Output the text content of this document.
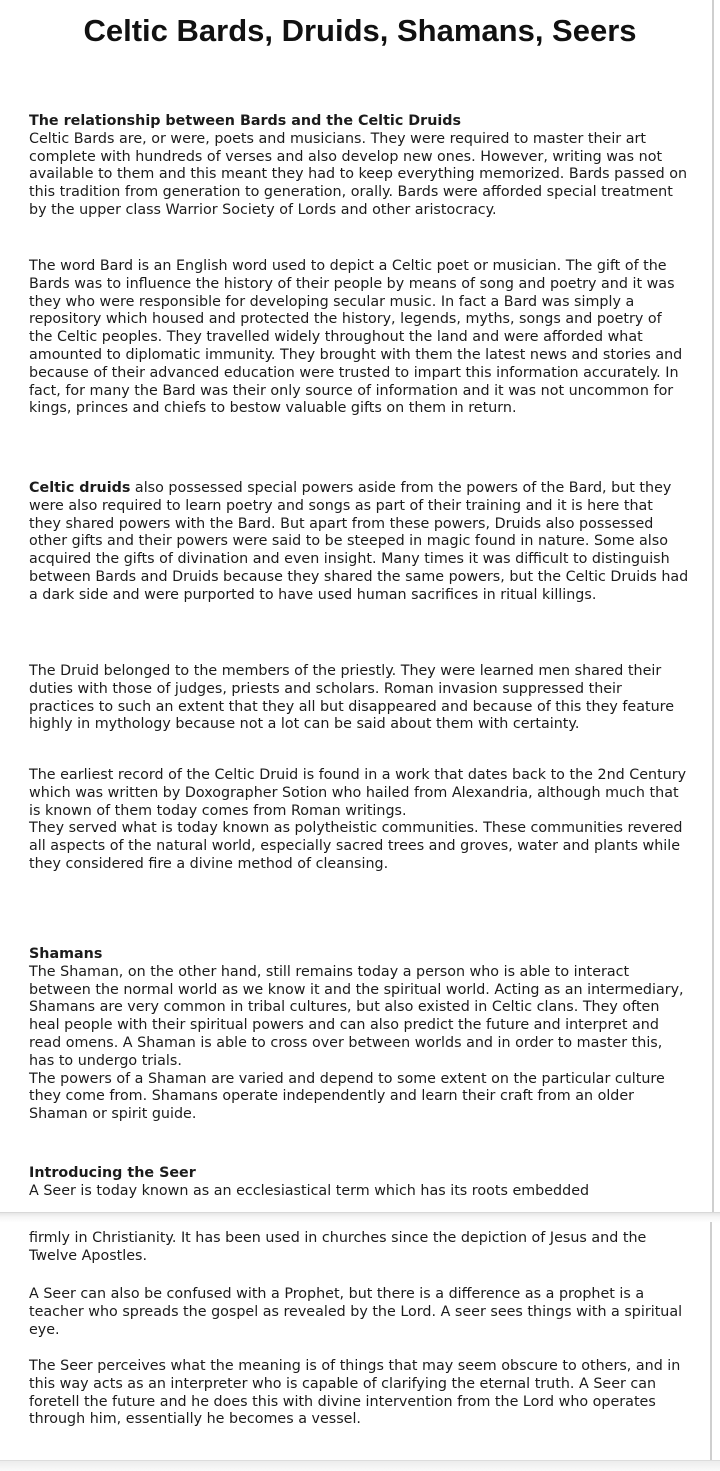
Celtic Bards, Druids, Shamans, Seers
The relationship between Bards and the Celtic Druids

Celtic Bards are, or were, poets and musicians. They were required to master their art complete with hundreds of verses and also develop new ones. However, writing was not available to them and this meant they had to keep everything memorized. Bards passed on this tradition from generation to generation, orally. Bards were afforded special treatment by the upper class Warrior Society of Lords and other aristocracy.

The word Bard is an English word used to depict a Celtic poet or musician. The gift of the Bards was to influence the history of their people by means of song and poetry and it was they who were responsible for developing secular music. In fact a Bard was simply a repository which housed and protected the history, legends, myths, songs and poetry of the Celtic peoples. They travelled widely throughout the land and were afforded what amounted to diplomatic immunity. They brought with them the latest news and stories and because of their advanced education were trusted to impart this information accurately. In fact, for many the Bard was their only source of information and it was not uncommon for kings, princes and chiefs to bestow valuable gifts on them in return.

Celtic druids also possessed special powers aside from the powers of the Bard, but they were also required to learn poetry and songs as part of their training and it is here that they shared powers with the Bard. But apart from these powers, Druids also possessed other gifts and their powers were said to be steeped in magic found in nature. Some also acquired the gifts of divination and even insight. Many times it was difficult to distinguish between Bards and Druids because they shared the same powers, but the Celtic Druids had a dark side and were purported to have used human sacrifices in ritual killings.

The Druid belonged to the members of the priestly. They were learned men shared their duties with those of judges, priests and scholars. Roman invasion suppressed their practices to such an extent that they all but disappeared and because of this they feature highly in mythology because not a lot can be said about them with certainty.

The earliest record of the Celtic Druid is found in a work that dates back to the 2nd Century which was written by Doxographer Sotion who hailed from Alexandria, although much that is known of them today comes from Roman writings.

They served what is today known as polytheistic communities. These communities revered all aspects of the natural world, especially sacred trees and groves, water and plants while they considered fire a divine method of cleansing.

Shamans

The Shaman, on the other hand, still remains today a person who is able to interact between the normal world as we know it and the spiritual world. Acting as an intermediary, Shamans are very common in tribal cultures, but also existed in Celtic clans. They often heal people with their spiritual powers and can also predict the future and interpret and read omens. A Shaman is able to cross over between worlds and in order to master this, has to undergo trials.

The powers of a Shaman are varied and depend to some extent on the particular culture they come from. Shamans operate independently and learn their craft from an older Shaman or spirit guide.

Introducing the Seer

A Seer is today known as an ecclesiastical term which has its roots embedded

firmly in Christianity. It has been used in churches since the depiction of Jesus and the Twelve Apostles.

A Seer can also be confused with a Prophet, but there is a difference as a prophet is a teacher who spreads the gospel as revealed by the Lord. A seer sees things with a spiritual eye.

The Seer perceives what the meaning is of things that may seem obscure to others, and in this way acts as an interpreter who is capable of clarifying the eternal truth. A Seer can foretell the future and he does this with divine intervention from the Lord who operates through him, essentially he becomes a vessel.
